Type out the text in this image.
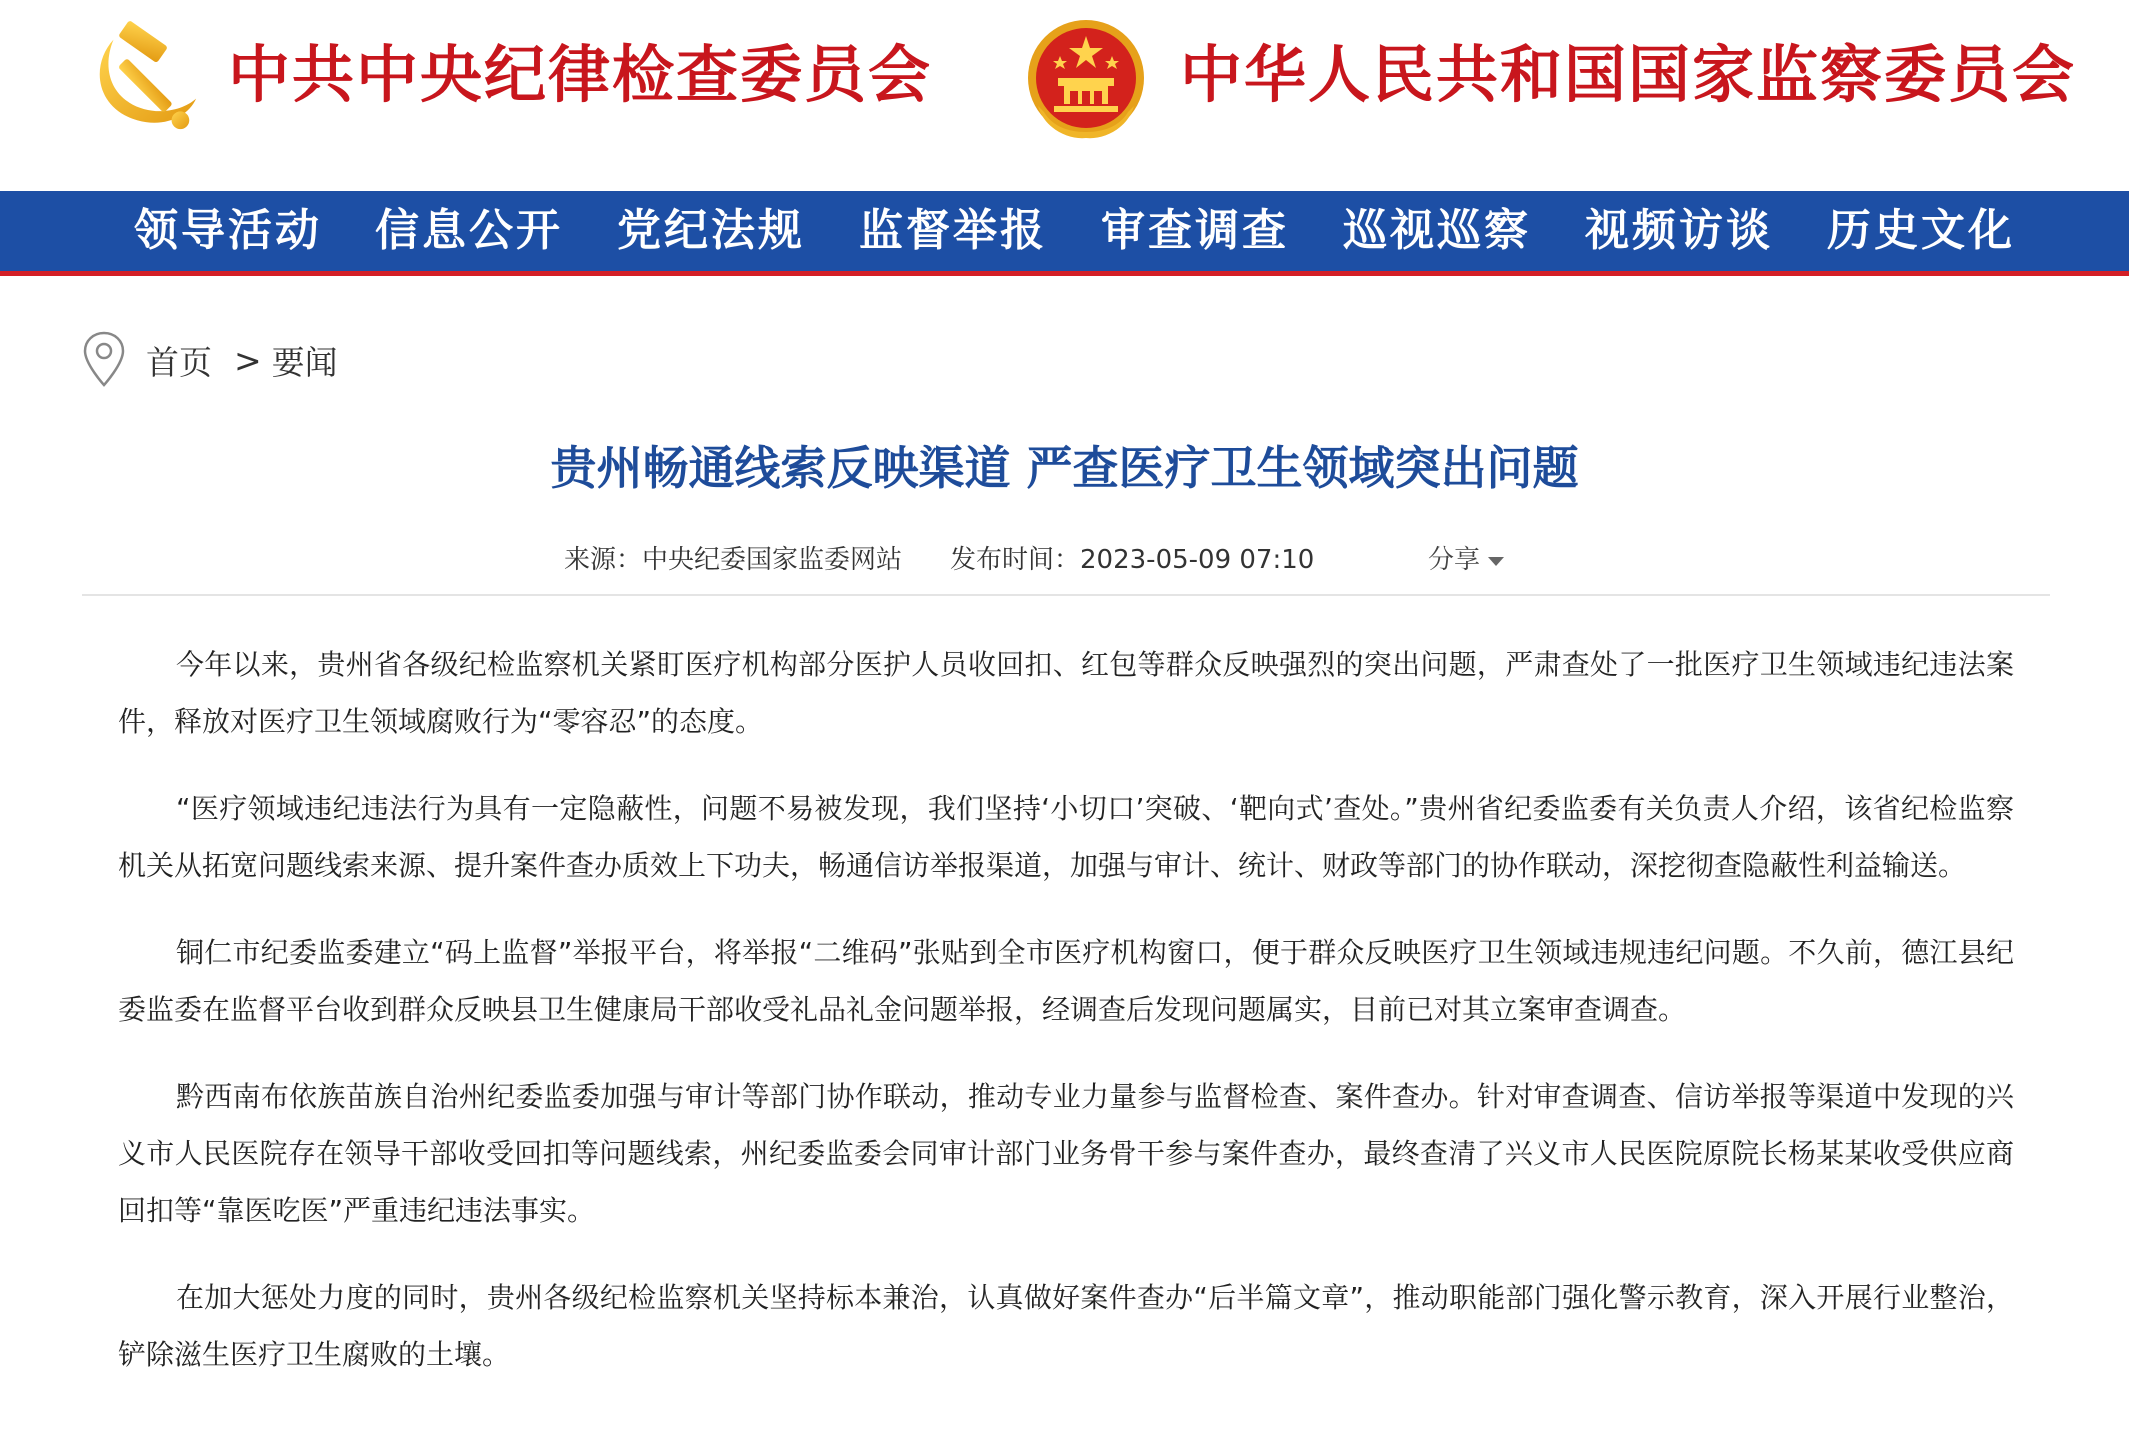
中共中央纪律检查委员会	中华人民共和国国家监察委员会
领导活动 信息公开 党纪法规 监督举报 审查调查 巡视巡察 视频访谈 历史文化
首页 > 要闻
贵州畅通线索反映渠道 严查医疗卫生领域突出问题
来源：中央纪委国家监委网站 发布时间：2023-05-09 07:10	分享

今年以来，贵州省各级纪检监察机关紧盯医疗机构部分医护人员收回扣、红包等群众反映强烈的突出问题，严肃查处了一批医疗卫生领域违纪违法案件，释放对医疗卫生领域腐败行为“零容忍”的态度。

“医疗领域违纪违法行为具有一定隐蔽性，问题不易被发现，我们坚持‘小切口’突破、‘靶向式’查处。”贵州省纪委监委有关负责人介绍，该省纪检监察机关从拓宽问题线索来源、提升案件查办质效上下功夫，畅通信访举报渠道，加强与审计、统计、财政等部门的协作联动，深挖彻查隐蔽性利益输送。

铜仁市纪委监委建立“码上监督”举报平台，将举报“二维码”张贴到全市医疗机构窗口，便于群众反映医疗卫生领域违规违纪问题。不久前，德江县纪委监委在监督平台收到群众反映县卫生健康局干部收受礼品礼金问题举报，经调查后发现问题属实，目前已对其立案审查调查。

黔西南布依族苗族自治州纪委监委加强与审计等部门协作联动，推动专业力量参与监督检查、案件查办。针对审查调查、信访举报等渠道中发现的兴义市人民医院存在领导干部收受回扣等问题线索，州纪委监委会同审计部门业务骨干参与案件查办，最终查清了兴义市人民医院原院长杨某某收受供应商回扣等“靠医吃医”严重违纪违法事实。

在加大惩处力度的同时，贵州各级纪检监察机关坚持标本兼治，认真做好案件查办“后半篇文章”，推动职能部门强化警示教育，深入开展行业整治，铲除滋生医疗卫生腐败的土壤。
